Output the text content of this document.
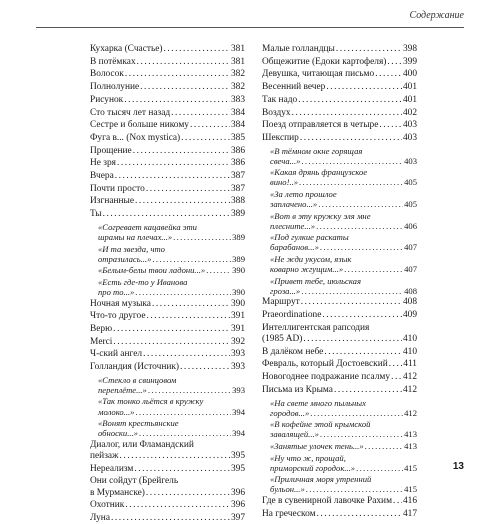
Содержание
Кухарка (Счастье) . . .	381
В потёмках . . .	381
Волосок . . .	382
Полнолуние . . .	382
Рисунок . . .	383
Сто тысяч лет назад . . .	384
Сестре и больше никому . . .	384
Фуга в... (Nox mystica) . . .	385
Прощение . . .	386
Не зря . . .	386
Вчера . . .	387
Почти просто . . .	387
Изгнанные . . .	388
Ты . . .	389
«Согревает кацавейка эти
шрамы на плечах...» . . .	389
«И та звезда, что
отразилась...» . . .	389
«Белым-белы твои ладони...» . . .	390
«Есть где-то у Иванова
про то...» . . .	390
Ночная музыка . . .	390
Что-то другое . . .	391
Верю . . .	391
Merci . . .	392
Ч-ский ангел . . .	393
Голландия (Источник) . . .	393
«Стекло в свинцовом
переплёте...» . . .	393
«Так тонко льётся в кружку
молоко...» . . .	394
«Вонят крестьянские
обноски...» . . .	394
Диалог, или Фламандский
пейзаж . . .	395
Нереализм . . .	395
Они сойдут (Брейгель
в Мурманске) . . .	396
Охотник . . .	396
Луна . . .	397
Малые голландцы . . .	398
Общежитие (Едоки картофеля) . . . 399
Девушка, читающая письмо . . .	400
Весенний вечер . . .	401
Так надо . . .	401
Воздух . . .	402
Поезд отправляется в четыре . . .	403
Шекспир . . .	403
«В тёмном окне горящая
свеча...» . . .	403
«Какая дрянь французское
вино!..» . . .	405
«За лето прошлое
заплачено...» . . .	405
«Вот в эту кружку эля мне
плесните...» . . .	406
«Под гулкие раскаты
барабанов...» . . .	407
«Не жди укусом, язык
коварно жгущим...» . . .	407
«Привет тебе, июльская
гроза...» . . .	408
Маршрут . . .	408
Praeordinatione . . .	409
Интеллигентская рапсодия
(1985 AD) . . .	410
В далёком небе . . .	410
Февраль, который Достоевский . . . 411
Новогоднее подражание псалму . . . 412
Письма из Крыма . . .	412
«На свете много пыльных
городов...» . . .	412
«В кофейне этой крымской
завалящей...» . . .	413
«Занятые улочек тень...» . . .	413
«Ну что ж, прощай,
приморский городок...» . . .	415
«Приличная моря утренний
бульон...» . . .	415
Где в сувенирной лавочке Рахим . . . 416
На греческом . . .	417
13
